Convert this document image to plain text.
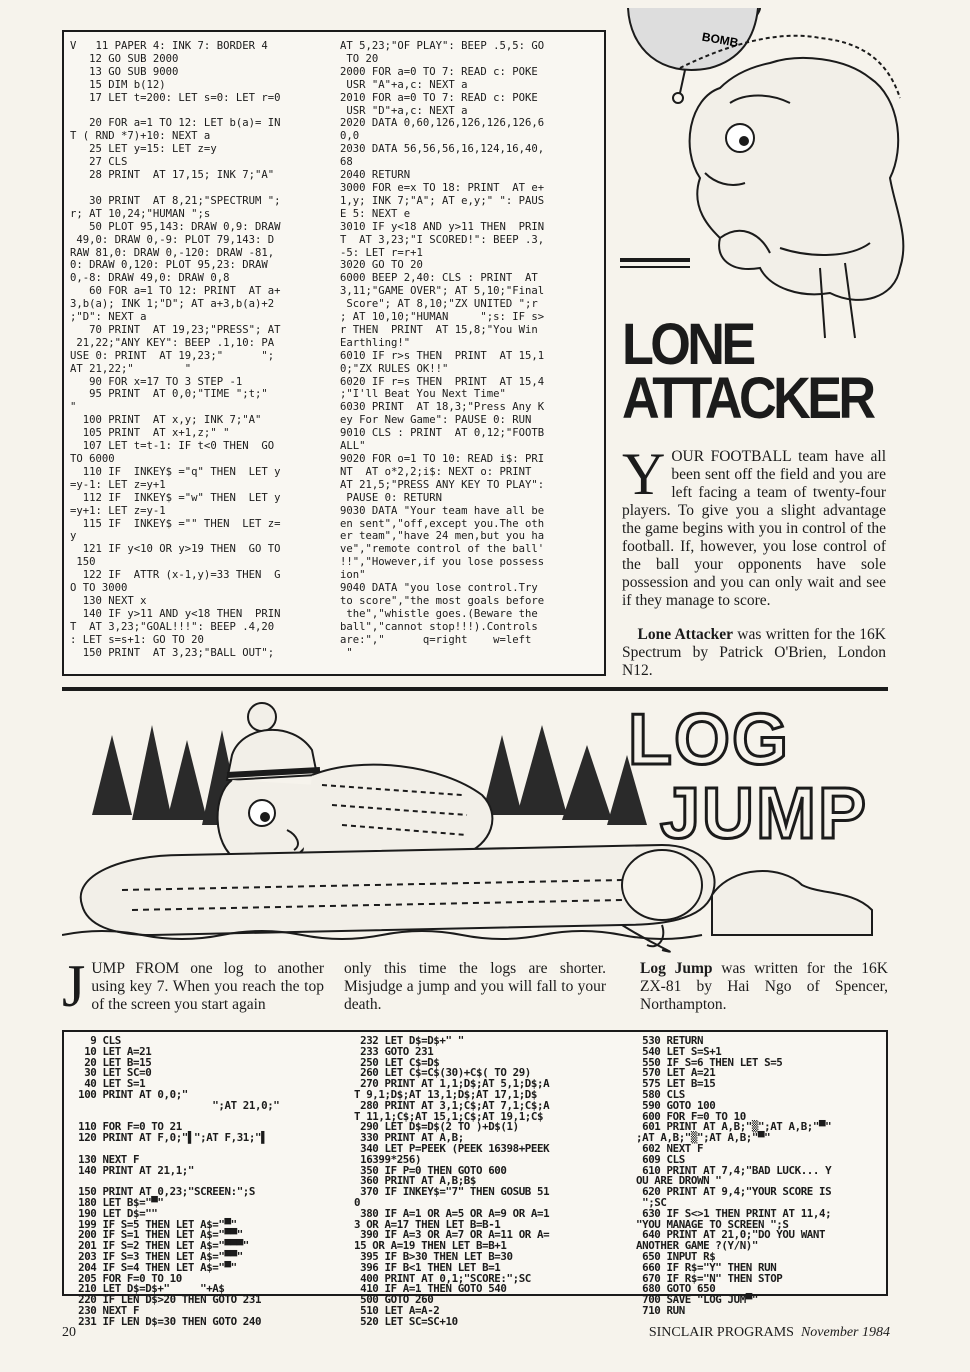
V   11 PAPER 4: INK 7: BORDER 4
12 GO SUB 2000
13 GO SUB 9000
15 DIM b(12)
17 LET t=200: LET s=0: LET r=0

20 FOR a=1 TO 12: LET b(a)= IN
T ( RND *7)+10: NEXT a
25 LET y=15: LET z=y
27 CLS
28 PRINT  AT 17,15; INK 7;"A"

30 PRINT  AT 8,21;"SPECTRUM ";
r; AT 10,24;"HUMAN ";s
50 PLOT 95,143: DRAW 0,9: DRAW
49,0: DRAW 0,-9: PLOT 79,143: D
RAW 81,0: DRAW 0,-120: DRAW -81,
0: DRAW 0,120: PLOT 95,23: DRAW
0,-8: DRAW 49,0: DRAW 0,8
60 FOR a=1 TO 12: PRINT  AT a+
3,b(a); INK 1;"D"; AT a+3,b(a)+2
;"D": NEXT a
70 PRINT  AT 19,23;"PRESS"; AT
21,22;"ANY KEY": BEEP .1,10: PA
USE 0: PRINT  AT 19,23;"      ";
AT 21,22;"        "
90 FOR x=17 TO 3 STEP -1
95 PRINT  AT 0,0;"TIME ";t;"
"
100 PRINT  AT x,y; INK 7;"A"
105 PRINT  AT x+1,z;" "
107 LET t=t-1: IF t<0 THEN  GO
TO 6000
110 IF  INKEY$ ="q" THEN  LET y
=y-1: LET z=y+1
112 IF  INKEY$ ="w" THEN  LET y
=y+1: LET z=y-1
115 IF  INKEY$ ="" THEN  LET z=
y
121 IF y<10 OR y>19 THEN  GO TO
150
122 IF  ATTR (x-1,y)=33 THEN  G
O TO 3000
130 NEXT x
140 IF y>11 AND y<18 THEN  PRIN
T  AT 3,23;"GOAL!!!": BEEP .4,20
: LET s=s+1: GO TO 20
150 PRINT  AT 3,23;"BALL OUT";
AT 5,23;"OF PLAY": BEEP .5,5: GO
TO 20
2000 FOR a=0 TO 7: READ c: POKE
USR "A"+a,c: NEXT a
2010 FOR a=0 TO 7: READ c: POKE
USR "D"+a,c: NEXT a
2020 DATA 0,60,126,126,126,126,6
0,0
2030 DATA 56,56,56,16,124,16,40,
68
2040 RETURN
3000 FOR e=x TO 18: PRINT  AT e+
1,y; INK 7;"A"; AT e,y;" ": PAUS
E 5: NEXT e
3010 IF y<18 AND y>11 THEN  PRIN
T  AT 3,23;"I SCORED!": BEEP .3,
-5: LET r=r+1
3020 GO TO 20
6000 BEEP 2,40: CLS : PRINT  AT
3,11;"GAME OVER"; AT 5,10;"Final
Score"; AT 8,10;"ZX UNITED ";r
; AT 10,10;"HUMAN     ";s: IF s>
r THEN  PRINT  AT 15,8;"You Win
Earthling!"
6010 IF r>s THEN  PRINT  AT 15,1
0;"ZX RULES OK!!"
6020 IF r=s THEN  PRINT  AT 15,4
;"I'll Beat You Next Time"
6030 PRINT  AT 18,3;"Press Any K
ey For New Game": PAUSE 0: RUN
9010 CLS : PRINT  AT 0,12;"FOOTB
ALL"
9020 FOR o=1 TO 10: READ i$: PRI
NT  AT o*2,2;i$: NEXT o: PRINT
AT 21,5;"PRESS ANY KEY TO PLAY":
PAUSE 0: RETURN
9030 DATA "Your team have all be
en sent","off,except you.The oth
er team","have 24 men,but you ha
ve","remote control of the ball'
!!","However,if you lose possess
ion"
9040 DATA "you lose control.Try
to score","the most goals before
the","whistle goes.(Beware the
ball","cannot stop!!!).Controls
are:","      q=right    w=left
"
BOMB
LONE
ATTACKER
YOUR FOOTBALL team have all been sent off the field and you are left facing a team of twenty-four players. To give you a slight advantage the game begins with you in control of the football. If, however, you lose control of the ball your opponents have sole possession and you can only wait and see if they manage to score.
 Lone Attacker was written for the 16K Spectrum by Patrick O'Brien, London N12.
LOG
JUMP
JUMP FROM one log to another using key 7. When you reach the top of the screen you start again
only this time the logs are shorter. Misjudge a jump and you will fall to your death.
Log Jump was written for the 16K ZX-81 by Hai Ngo of Spencer, Northampton.
9 CLS
10 LET A=21
20 LET B=15
30 LET SC=0
40 LET S=1
100 PRINT AT 0,0;"
";AT 21,0;"

110 FOR F=0 TO 21
120 PRINT AT F,0;"▌";AT F,31;"▌

130 NEXT F
140 PRINT AT 21,1;"

150 PRINT AT 0,23;"SCREEN:";S
180 LET B$="▀"
190 LET D$=""
199 IF S=5 THEN LET A$="▀"
200 IF S=1 THEN LET A$="▀▀"
201 IF S=2 THEN LET A$="▀▀▀"
203 IF S=3 THEN LET A$="▀▀"
204 IF S=4 THEN LET A$="▀"
205 FOR F=0 TO 10
210 LET D$=D$+"     "+A$
220 IF LEN D$>20 THEN GOTO 231
230 NEXT F
231 IF LEN D$=30 THEN GOTO 240
232 LET D$=D$+" "
233 GOTO 231
250 LET C$=D$
260 LET C$=C$(30)+C$( TO 29)
270 PRINT AT 1,1;D$;AT 5,1;D$;A
T 9,1;D$;AT 13,1;D$;AT 17,1;D$
280 PRINT AT 3,1;C$;AT 7,1;C$;A
T 11,1;C$;AT 15,1;C$;AT 19,1;C$
290 LET D$=D$(2 TO )+D$(1)
330 PRINT AT A,B;
340 LET P=PEEK (PEEK 16398+PEEK
16399*256)
350 IF P=0 THEN GOTO 600
360 PRINT AT A,B;B$
370 IF INKEY$="7" THEN GOSUB 51
0
380 IF A=1 OR A=5 OR A=9 OR A=1
3 OR A=17 THEN LET B=B-1
390 IF A=3 OR A=7 OR A=11 OR A=
15 OR A=19 THEN LET B=B+1
395 IF B>30 THEN LET B=30
396 IF B<1 THEN LET B=1
400 PRINT AT 0,1;"SCORE:";SC
410 IF A=1 THEN GOTO 540
500 GOTO 260
510 LET A=A-2
520 LET SC=SC+10
530 RETURN
540 LET S=S+1
550 IF S=6 THEN LET S=5
570 LET A=21
575 LET B=15
580 CLS
590 GOTO 100
600 FOR F=0 TO 10
601 PRINT AT A,B;"▒";AT A,B;"▀"
;AT A,B;"▒";AT A,B;"▀"
602 NEXT F
609 CLS
610 PRINT AT 7,4;"BAD LUCK... Y
OU ARE DROWN "
620 PRINT AT 9,4;"YOUR SCORE IS
";SC
630 IF S<>1 THEN PRINT AT 11,4;
"YOU MANAGE TO SCREEN ";S
640 PRINT AT 21,0;"DO YOU WANT
ANOTHER GAME ?(Y/N)"
650 INPUT R$
660 IF R$="Y" THEN RUN
670 IF R$="N" THEN STOP
680 GOTO 650
700 SAVE "LOG JUM▀"
710 RUN
20	SINCLAIR PROGRAMS November 1984
